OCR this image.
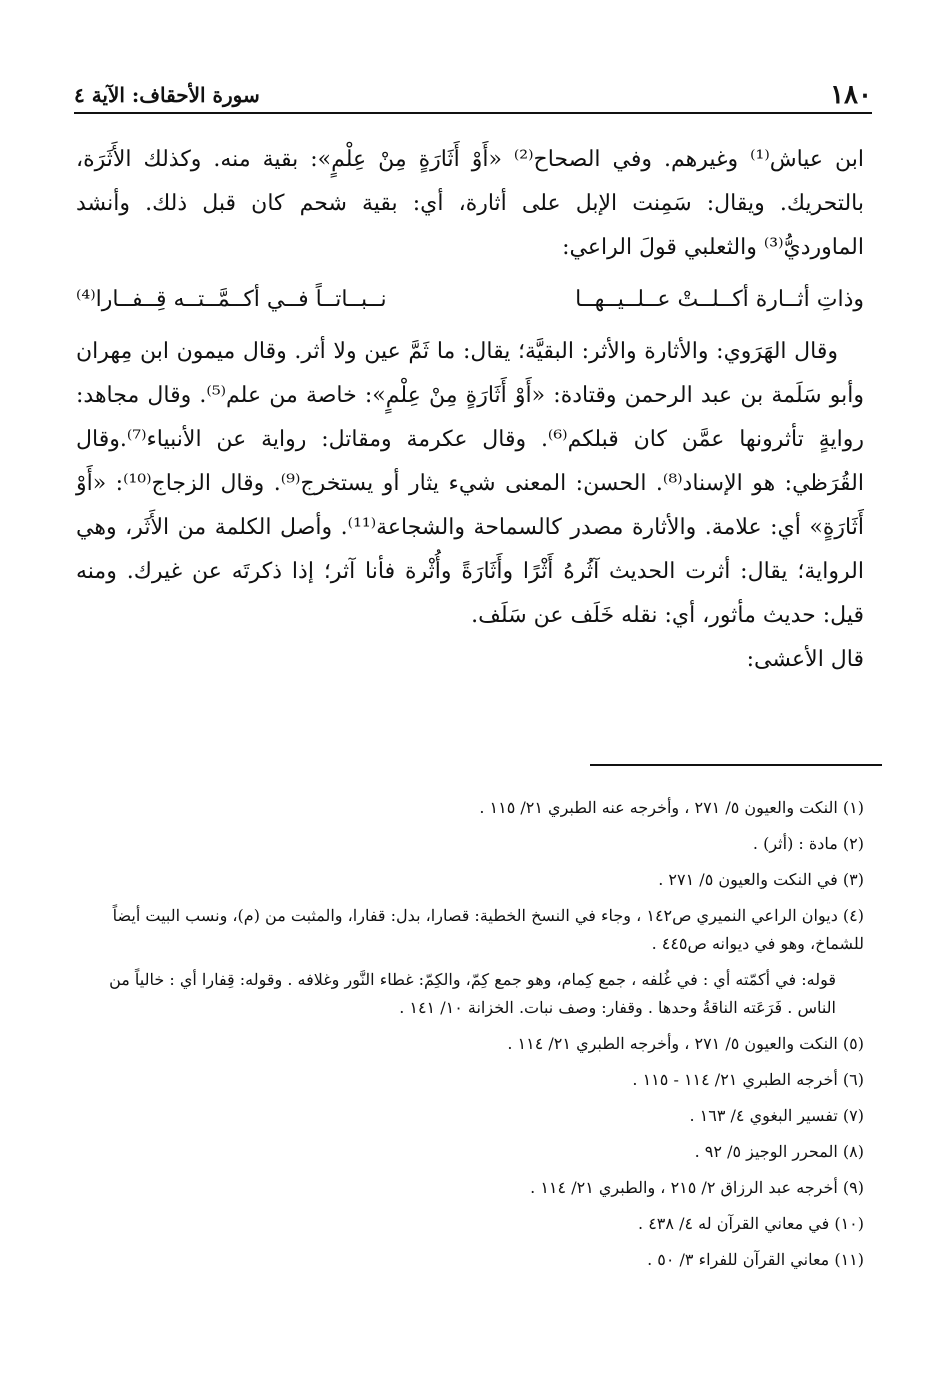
سورة الأحقاف: الآية ٤	١٨٠

ابن عياش⁽¹⁾ وغيرهم. وفي الصحاح⁽²⁾ «أَوْ أَثَارَةٍ مِنْ عِلْمٍ»: بقية منه. وكذلك الأَثَرَة، بالتحريك. ويقال: سَمِنت الإبل على أثارة، أي: بقية شحم كان قبل ذلك. وأنشد الماورديُّ⁽³⁾ والثعلبي قولَ الراعي:

وذاتِ أثــارة أكــلــتْ عــلــيــهــا
نــبــاتــاً فــي أكــمَّــتــه قِــفــارا⁽⁴⁾

وقال الهَرَوي: والأثارة والأثر: البقيَّة؛ يقال: ما ثَمَّ عين ولا أثر. وقال ميمون ابن مِهران وأبو سَلَمة بن عبد الرحمن وقتادة: «أَوْ أَثَارَةٍ مِنْ عِلْمٍ»: خاصة من علم⁽⁵⁾. وقال مجاهد: روايةٍ تأثرونها عمَّن كان قبلكم⁽⁶⁾. وقال عكرمة ومقاتل: رواية عن الأنبياء⁽⁷⁾.وقال القُرَظي: هو الإسناد⁽⁸⁾. الحسن: المعنى شيء يثار أو يستخرج⁽⁹⁾. وقال الزجاج⁽¹⁰⁾: «أَوْ أَثَارَةٍ» أي: علامة. والأثارة مصدر كالسماحة والشجاعة⁽¹¹⁾. وأصل الكلمة من الأَثَر، وهي الرواية؛ يقال: أثرت الحديث آثُرهُ أَثْرًا وأَثَارَةً وأُثْرة فأنا آثر؛ إذا ذكرتَه عن غيرك. ومنه قيل: حديث مأثور، أي: نقله خَلَف عن سَلَف.

قال الأعشى:

(١) النكت والعيون ٥/ ٢٧١ ، وأخرجه عنه الطبري ٢١/ ١١٥ .

(٢) مادة : (أثر) .

(٣) في النكت والعيون ٥/ ٢٧١ .

(٤) ديوان الراعي النميري ص١٤٢ ، وجاء في النسخ الخطية: قصارا، بدل: قفارا، والمثبت من (م)، ونسب البيت أيضاً للشماخ، وهو في ديوانه ص٤٤٥ .

قوله: في أكمّته أي : في غُلفه ، جمع كِمام، وهو جمع كِمّ، والكِمّ: غطاء النَّور وغلافه . وقوله: قِفارا أي : خالياً من الناس . فَرَعَته الناقةُ وحدها . وقفار: وصف نبات. الخزانة ١٠/ ١٤١ .

(٥) النكت والعيون ٥/ ٢٧١ ، وأخرجه الطبري ٢١/ ١١٤ .

(٦) أخرجه الطبري ٢١/ ١١٤ - ١١٥ .

(٧) تفسير البغوي ٤/ ١٦٣ .

(٨) المحرر الوجيز ٥/ ٩٢ .

(٩) أخرجه عبد الرزاق ٢/ ٢١٥ ، والطبري ٢١/ ١١٤ .

(١٠) في معاني القرآن له ٤/ ٤٣٨ .

(١١) معاني القرآن للفراء ٣/ ٥٠ .
